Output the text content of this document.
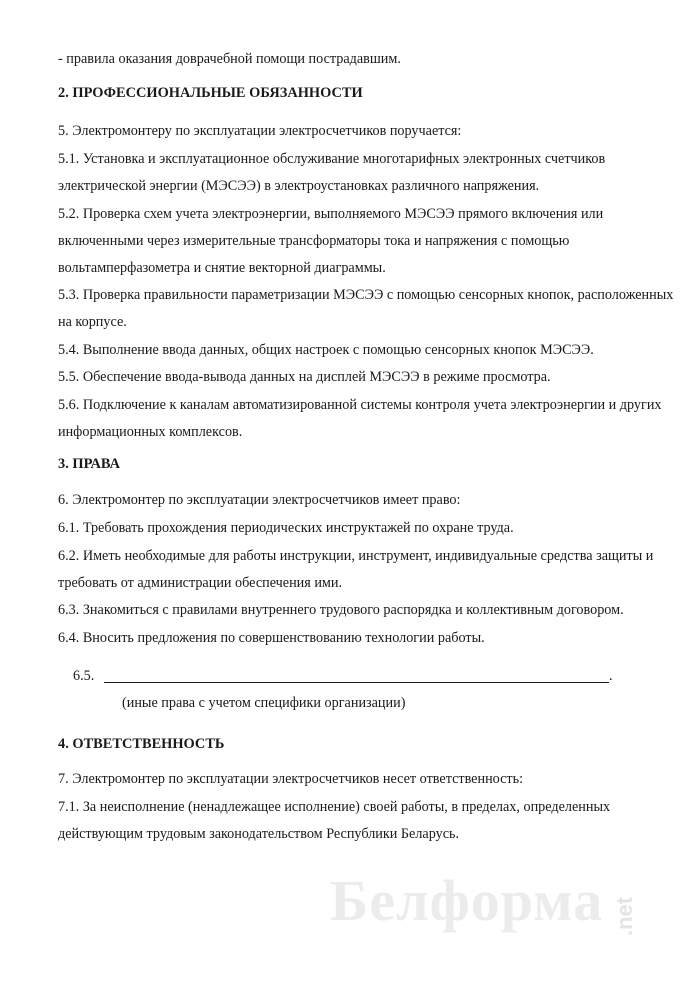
- правила оказания доврачебной помощи пострадавшим.
2. ПРОФЕССИОНАЛЬНЫЕ ОБЯЗАННОСТИ
5. Электромонтеру по эксплуатации электросчетчиков поручается:
5.1. Установка и эксплуатационное обслуживание многотарифных электронных счетчиков
электрической энергии (МЭСЭЭ) в электроустановках различного напряжения.
5.2. Проверка схем учета электроэнергии, выполняемого МЭСЭЭ прямого включения или
включенными через измерительные трансформаторы тока и напряжения с помощью
вольтамперфазометра и снятие векторной диаграммы.
5.3. Проверка правильности параметризации МЭСЭЭ с помощью сенсорных кнопок, расположенных
на корпусе.
5.4. Выполнение ввода данных, общих настроек с помощью сенсорных кнопок МЭСЭЭ.
5.5. Обеспечение ввода-вывода данных на дисплей МЭСЭЭ в режиме просмотра.
5.6. Подключение к каналам автоматизированной системы контроля учета электроэнергии и других
информационных комплексов.
3. ПРАВА
6. Электромонтер по эксплуатации электросчетчиков имеет право:
6.1. Требовать прохождения периодических инструктажей по охране труда.
6.2. Иметь необходимые для работы инструкции, инструмент, индивидуальные средства защиты и
требовать от администрации обеспечения ими.
6.3. Знакомиться с правилами внутреннего трудового распорядка и коллективным договором.
6.4. Вносить предложения по совершенствованию технологии работы.
6.5.	.
(иные права с учетом специфики организации)
4. ОТВЕТСТВЕННОСТЬ
7. Электромонтер по эксплуатации электросчетчиков несет ответственность:
7.1. За неисполнение (ненадлежащее исполнение) своей работы, в пределах, определенных
действующим трудовым законодательством Республики Беларусь.
Белформа .net
